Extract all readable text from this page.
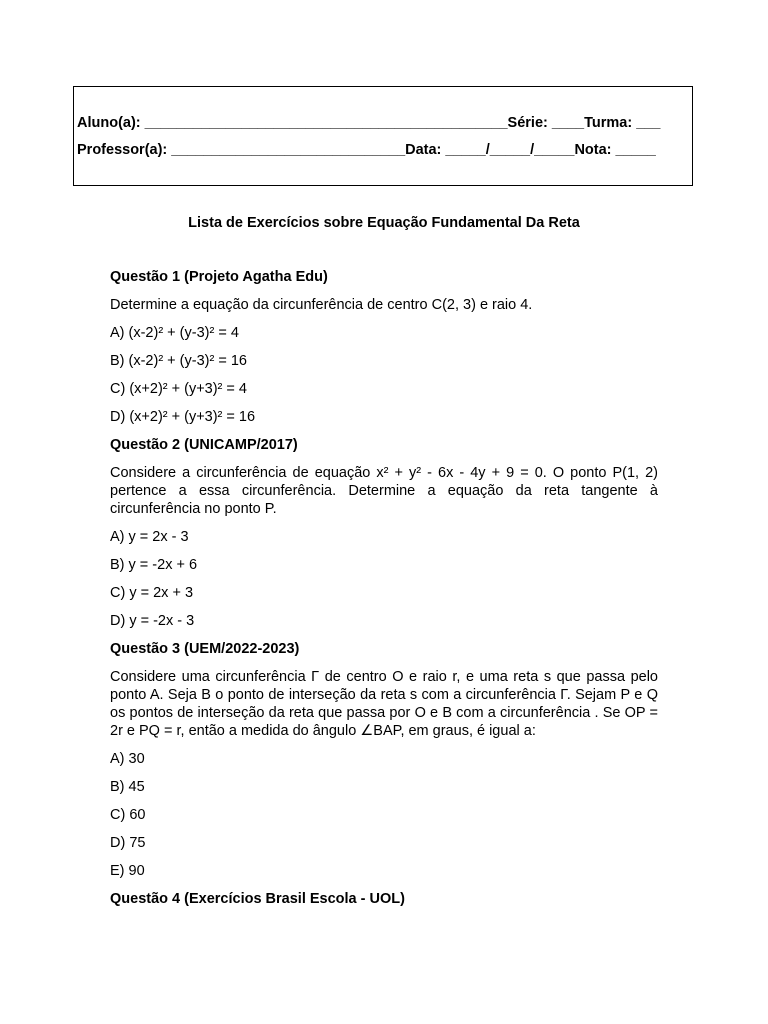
Aluno(a): _____________________________________________Série: ____Turma: ___
Professor(a): _____________________________Data: _____/_____/_____Nota: _____
Lista de Exercícios sobre Equação Fundamental Da Reta
Questão 1 (Projeto Agatha Edu)
Determine a equação da circunferência de centro C(2, 3) e raio 4.
A) (x-2)² + (y-3)² = 4
B) (x-2)² + (y-3)² = 16
C) (x+2)² + (y+3)² = 4
D) (x+2)² + (y+3)² = 16
Questão 2 (UNICAMP/2017)
Considere a circunferência de equação x² + y² - 6x - 4y + 9 = 0. O ponto P(1, 2) pertence a essa circunferência. Determine a equação da reta tangente à circunferência no ponto P.
A) y = 2x - 3
B) y = -2x + 6
C) y = 2x + 3
D) y = -2x - 3
Questão 3 (UEM/2022-2023)
Considere uma circunferência Γ de centro O e raio r, e uma reta s que passa pelo ponto A. Seja B o ponto de interseção da reta s com a circunferência Γ. Sejam P e Q os pontos de interseção da reta que passa por O e B com a circunferência . Se OP = 2r e PQ = r, então a medida do ângulo ∠BAP, em graus, é igual a:
A) 30
B) 45
C) 60
D) 75
E) 90
Questão 4 (Exercícios Brasil Escola - UOL)
